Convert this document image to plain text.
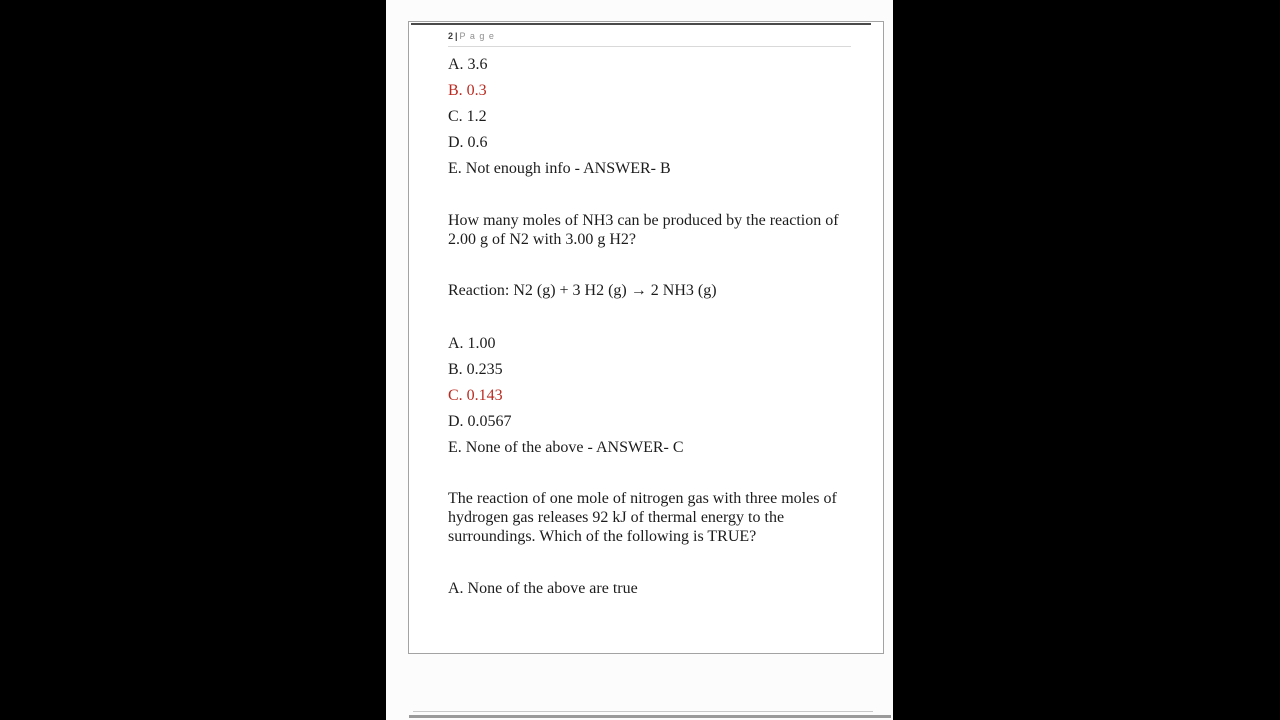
2 | P a g e
A. 3.6
B. 0.3
C. 1.2
D. 0.6
E. Not enough info - ANSWER- B
How many moles of NH3 can be produced by the reaction of
2.00 g of N2 with 3.00 g H2?
Reaction: N2 (g) + 3 H2 (g) → 2 NH3 (g)
A. 1.00
B. 0.235
C. 0.143
D. 0.0567
E. None of the above - ANSWER- C
The reaction of one mole of nitrogen gas with three moles of
hydrogen gas releases 92 kJ of thermal energy to the
surroundings. Which of the following is TRUE?
A. None of the above are true
